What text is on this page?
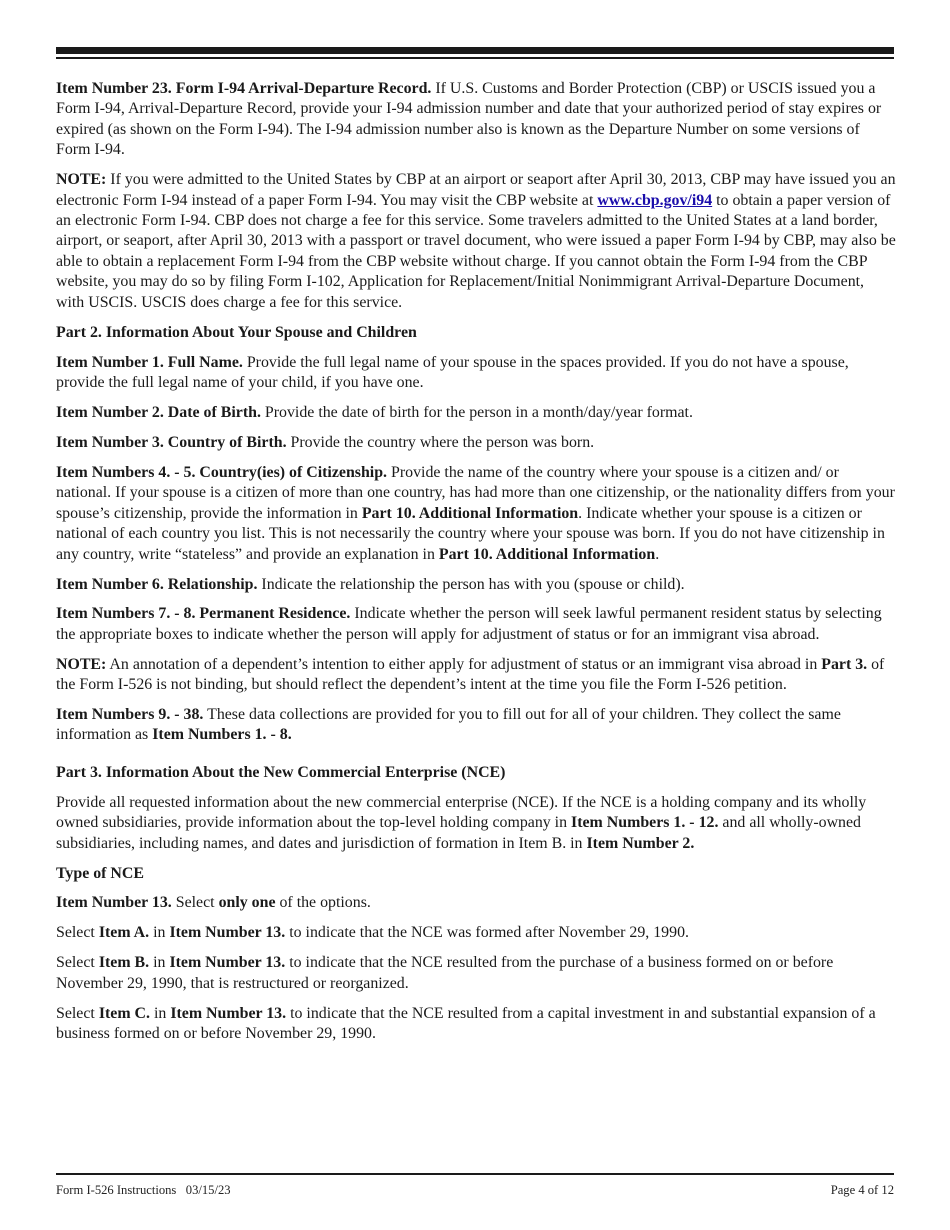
Item Number 23. Form I-94 Arrival-Departure Record. If U.S. Customs and Border Protection (CBP) or USCIS issued you a Form I-94, Arrival-Departure Record, provide your I-94 admission number and date that your authorized period of stay expires or expired (as shown on the Form I-94). The I-94 admission number also is known as the Departure Number on some versions of Form I-94.

NOTE: If you were admitted to the United States by CBP at an airport or seaport after April 30, 2013, CBP may have issued you an electronic Form I-94 instead of a paper Form I-94. You may visit the CBP website at www.cbp.gov/i94 to obtain a paper version of an electronic Form I-94. CBP does not charge a fee for this service. Some travelers admitted to the United States at a land border, airport, or seaport, after April 30, 2013 with a passport or travel document, who were issued a paper Form I-94 by CBP, may also be able to obtain a replacement Form I-94 from the CBP website without charge. If you cannot obtain the Form I-94 from the CBP website, you may do so by filing Form I-102, Application for Replacement/Initial Nonimmigrant Arrival-Departure Document, with USCIS. USCIS does charge a fee for this service.

Part 2. Information About Your Spouse and Children

Item Number 1. Full Name. Provide the full legal name of your spouse in the spaces provided. If you do not have a spouse, provide the full legal name of your child, if you have one.

Item Number 2. Date of Birth. Provide the date of birth for the person in a month/day/year format.

Item Number 3. Country of Birth. Provide the country where the person was born.

Item Numbers 4. - 5. Country(ies) of Citizenship. Provide the name of the country where your spouse is a citizen and/ or national. If your spouse is a citizen of more than one country, has had more than one citizenship, or the nationality differs from your spouse’s citizenship, provide the information in Part 10. Additional Information. Indicate whether your spouse is a citizen or national of each country you list. This is not necessarily the country where your spouse was born. If you do not have citizenship in any country, write “stateless” and provide an explanation in Part 10. Additional Information.

Item Number 6. Relationship. Indicate the relationship the person has with you (spouse or child).

Item Numbers 7. - 8. Permanent Residence. Indicate whether the person will seek lawful permanent resident status by selecting the appropriate boxes to indicate whether the person will apply for adjustment of status or for an immigrant visa abroad.

NOTE: An annotation of a dependent’s intention to either apply for adjustment of status or an immigrant visa abroad in Part 3. of the Form I-526 is not binding, but should reflect the dependent’s intent at the time you file the Form I-526 petition.

Item Numbers 9. - 38. These data collections are provided for you to fill out for all of your children. They collect the same information as Item Numbers 1. - 8.

Part 3. Information About the New Commercial Enterprise (NCE)

Provide all requested information about the new commercial enterprise (NCE). If the NCE is a holding company and its wholly owned subsidiaries, provide information about the top-level holding company in Item Numbers 1. - 12. and all wholly-owned subsidiaries, including names, and dates and jurisdiction of formation in Item B. in Item Number 2.

Type of NCE

Item Number 13. Select only one of the options.

Select Item A. in Item Number 13. to indicate that the NCE was formed after November 29, 1990.

Select Item B. in Item Number 13. to indicate that the NCE resulted from the purchase of a business formed on or before November 29, 1990, that is restructured or reorganized.

Select Item C. in Item Number 13. to indicate that the NCE resulted from a capital investment in and substantial expansion of a business formed on or before November 29, 1990.

Form I-526 Instructions   03/15/23	Page 4 of 12
